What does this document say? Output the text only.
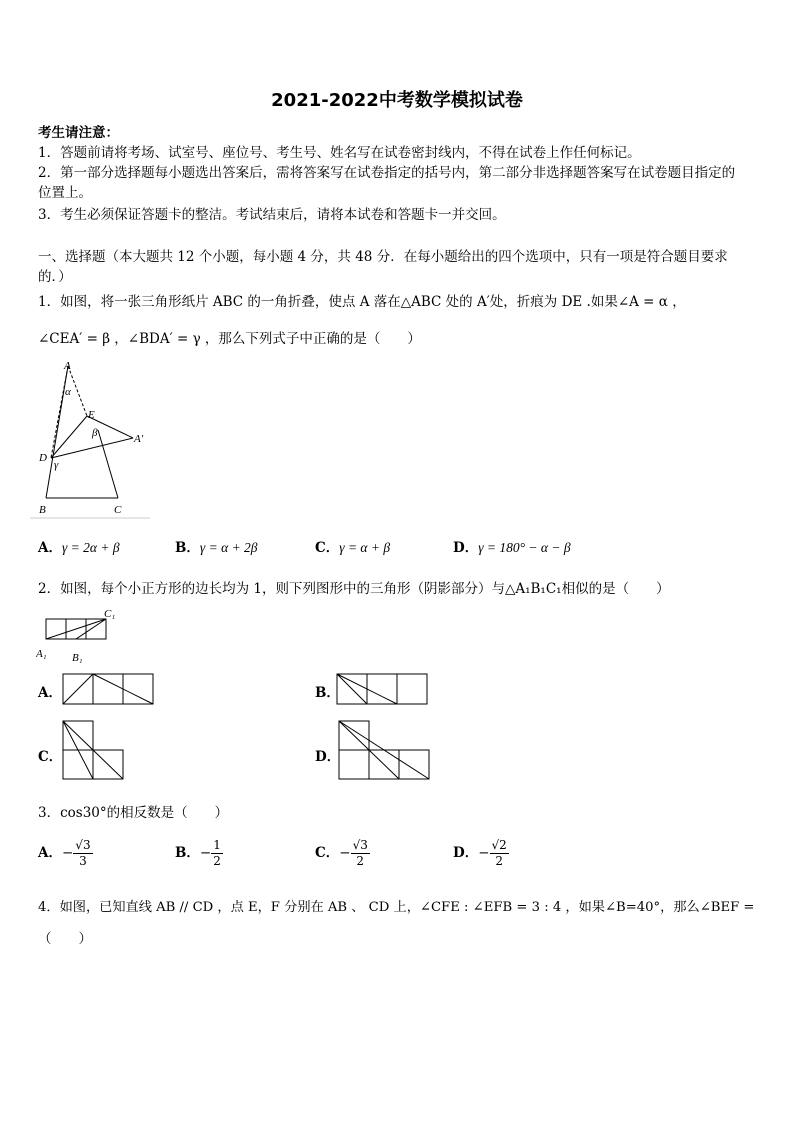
2021-2022中考数学模拟试卷
考生请注意：
1．答题前请将考场、试室号、座位号、考生号、姓名写在试卷密封线内，不得在试卷上作任何标记。
2．第一部分选择题每小题选出答案后，需将答案写在试卷指定的括号内，第二部分非选择题答案写在试卷题目指定的
位置上。
3．考生必须保证答题卡的整洁。考试结束后，请将本试卷和答题卡一并交回。
一、选择题（本大题共 12 个小题，每小题 4 分，共 48 分．在每小题给出的四个选项中，只有一项是符合题目要求
的．）
1．如图，将一张三角形纸片 ABC 的一角折叠，使点 A 落在△ABC 处的 A′处，折痕为 DE .如果∠A = α ，
∠CEA′ = β ，∠BDA′ = γ ，那么下列式子中正确的是（　　）
A
α
E
β	A′
D
γ
B	C
A．γ = 2α + β	B．γ = α + 2β	C．γ = α + β	D．γ = 180° − α − β
2．如图，每个小正方形的边长均为 1，则下列图形中的三角形（阴影部分）与△A₁B₁C₁相似的是（　　）
C₁
A₁ B₁
A．	B．
C．	D．
3．cos30°的相反数是（　　）
A．− $\frac{√3}{3}$	B．− $\frac{1}{2}$	C．− $\frac{√3}{2}$	D．− $\frac{√2}{2}$
4．如图，已知直线 AB // CD ，点 E，F 分别在 AB 、 CD 上，∠CFE : ∠EFB = 3 : 4 ，如果∠B=40°，那么∠BEF =
（　　）
